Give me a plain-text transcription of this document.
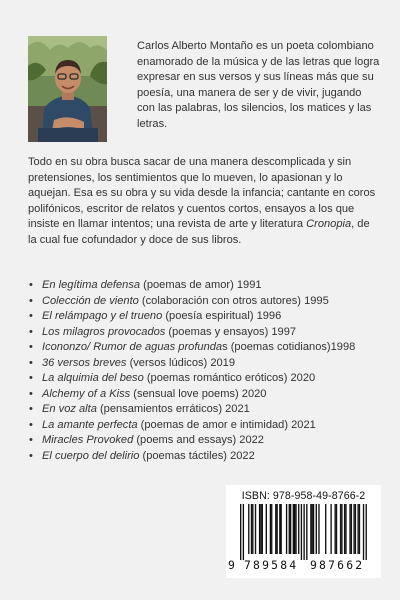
Carlos Alberto Montaño es un poeta colombiano enamorado de la música y de las letras que logra expresar en sus versos y sus líneas más que su poesía, una manera de ser y de vivir, jugando con las palabras, los silencios, los matices y las letras.

Todo en su obra busca sacar de una manera descomplicada y sin pretensiones, los sentimientos que lo mueven, lo apasionan y lo aquejan. Esa es su obra y su vida desde la infancia; cantante en coros polifónicos, escritor de relatos y cuentos cortos, ensayos a los que insiste en llamar intentos; una revista de arte y literatura Cronopia, de la cual fue cofundador y doce de sus libros.

• En legítima defensa (poemas de amor) 1991
• Colección de viento (colaboración con otros autores) 1995
• El relámpago y el trueno (poesía espiritual) 1996
• Los milagros provocados (poemas y ensayos) 1997
• Icononzo/ Rumor de aguas profundas (poemas cotidianos)1998
• 36 versos breves (versos lúdicos) 2019
• La alquimia del beso (poemas romántico eróticos) 2020
• Alchemy of a Kiss (sensual love poems) 2020
• En voz alta (pensamientos erráticos) 2021
• La amante perfecta (poemas de amor e intimidad) 2021
• Miracles Provoked (poems and essays) 2022
• El cuerpo del delirio (poemas táctiles) 2022
ISBN: 978-958-49-8766-2
9 789584 987662
